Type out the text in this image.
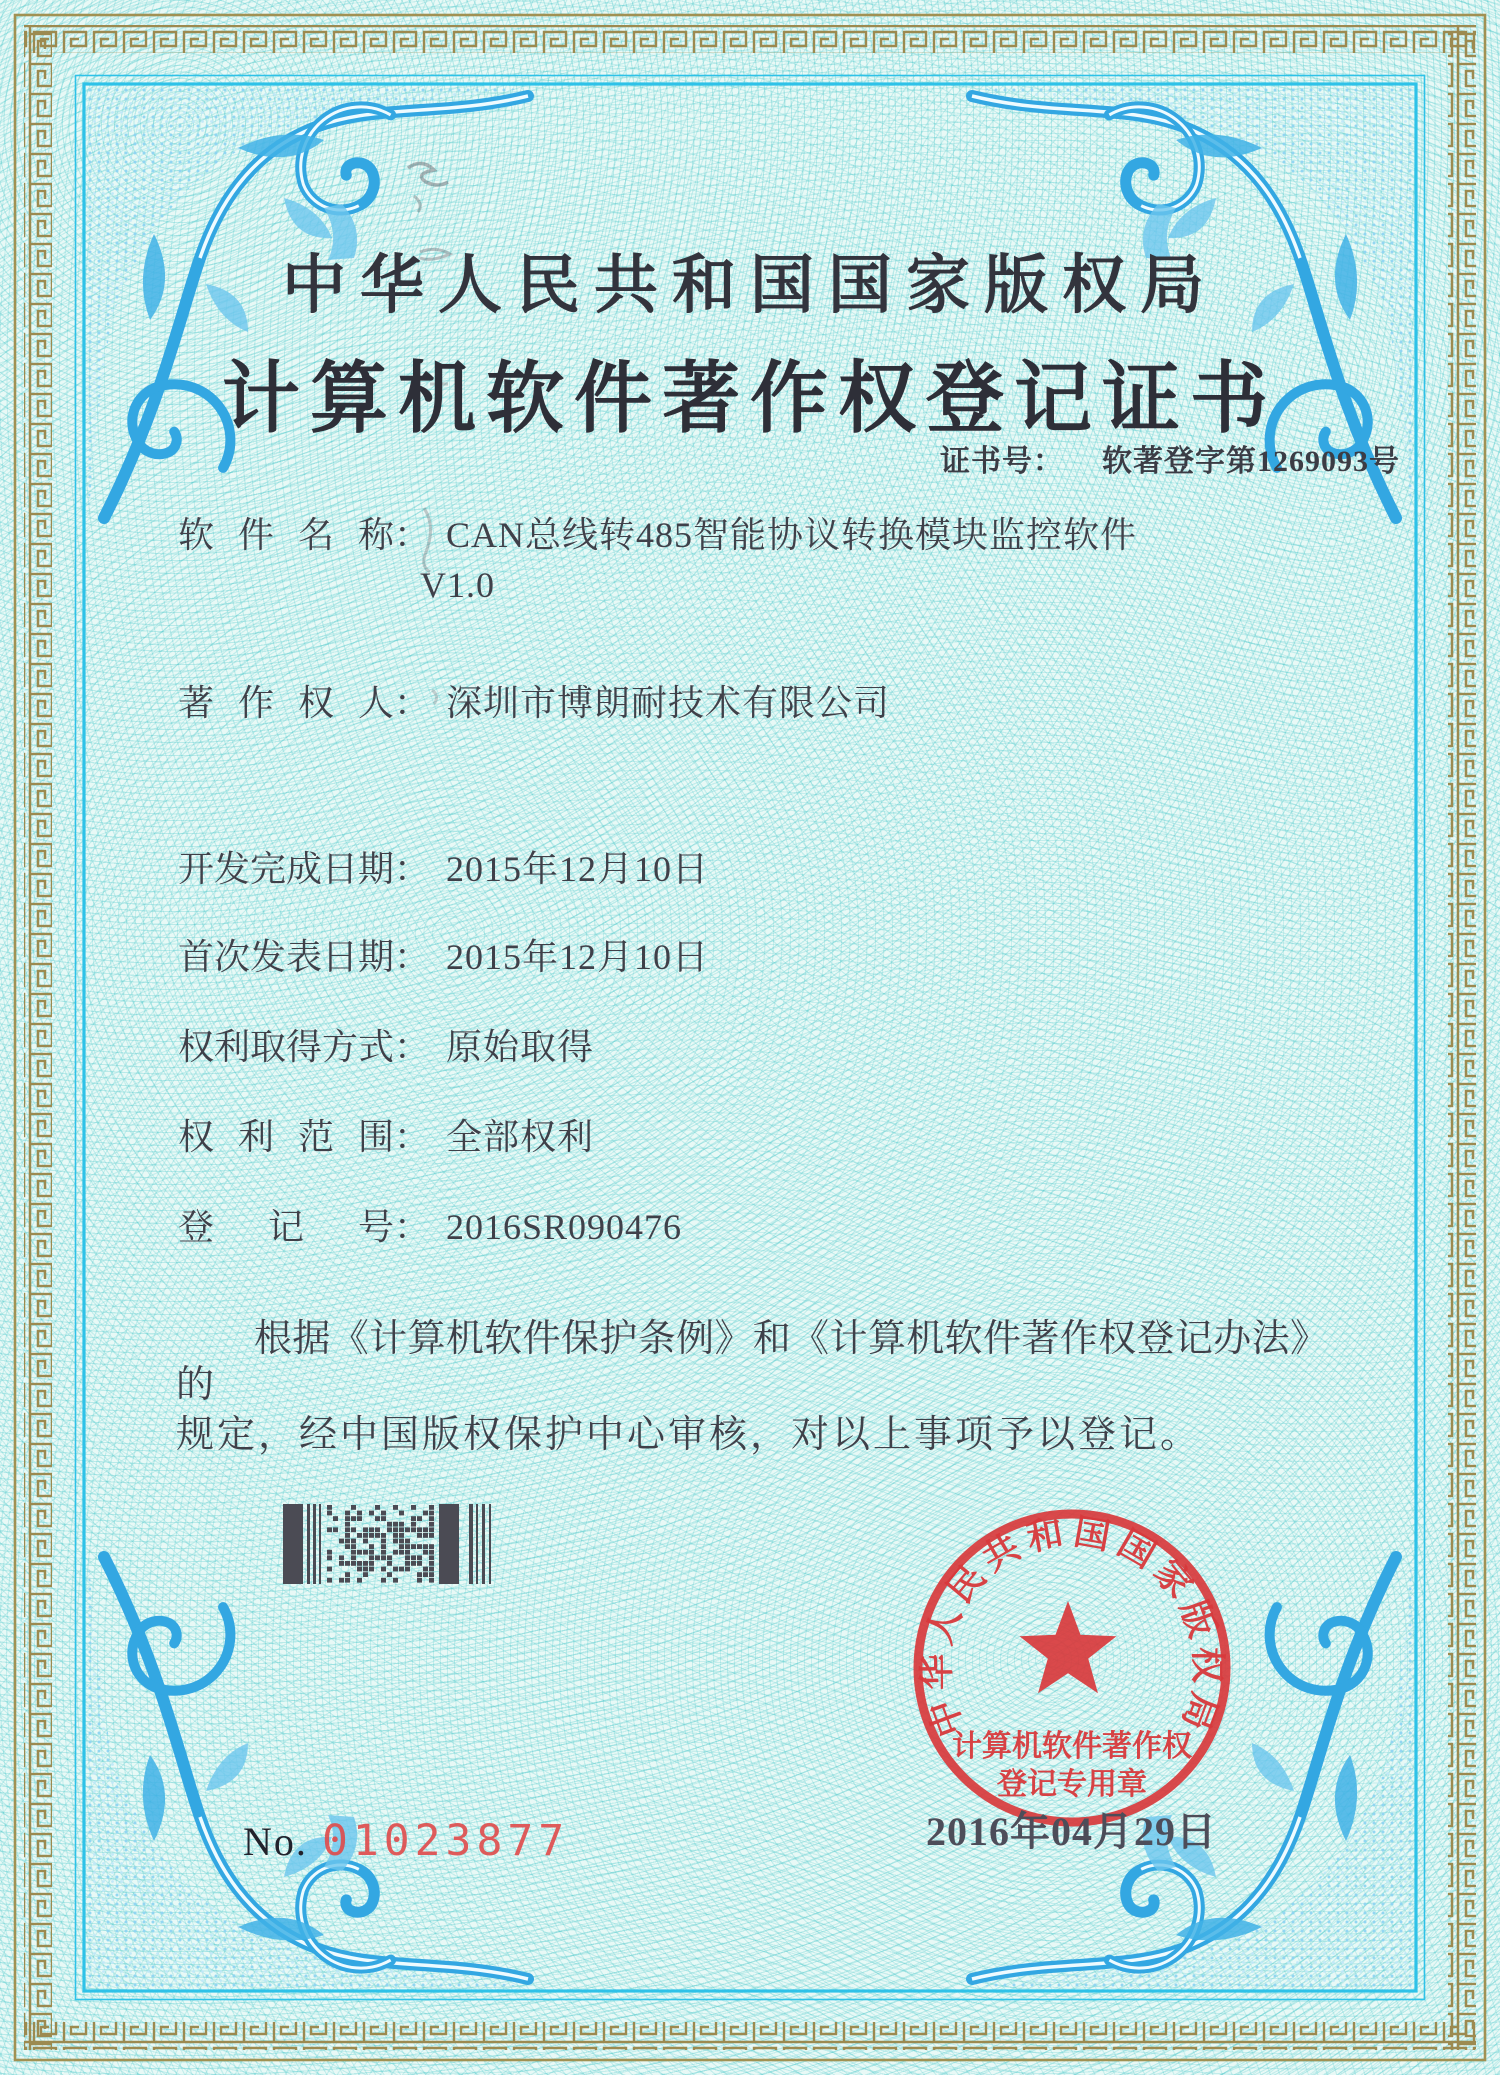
中华人民共和国国家版权局
计算机软件著作权登记证书
证书号： 软著登字第1269093号
软件名称： CAN总线转485智能协议转换模块监控软件
V1.0
著作权人： 深圳市博朗耐技术有限公司
开发完成日期： 2015年12月10日
首次发表日期： 2015年12月10日
权利取得方式： 原始取得
权利范围： 全部权利
登记号： 2016SR090476
根据《计算机软件保护条例》和《计算机软件著作权登记办法》的
规定，经中国版权保护中心审核，对以上事项予以登记。
中华人民共和国国家版权局
计算机软件著作权
登记专用章
2016年04月29日
No. 01023877
